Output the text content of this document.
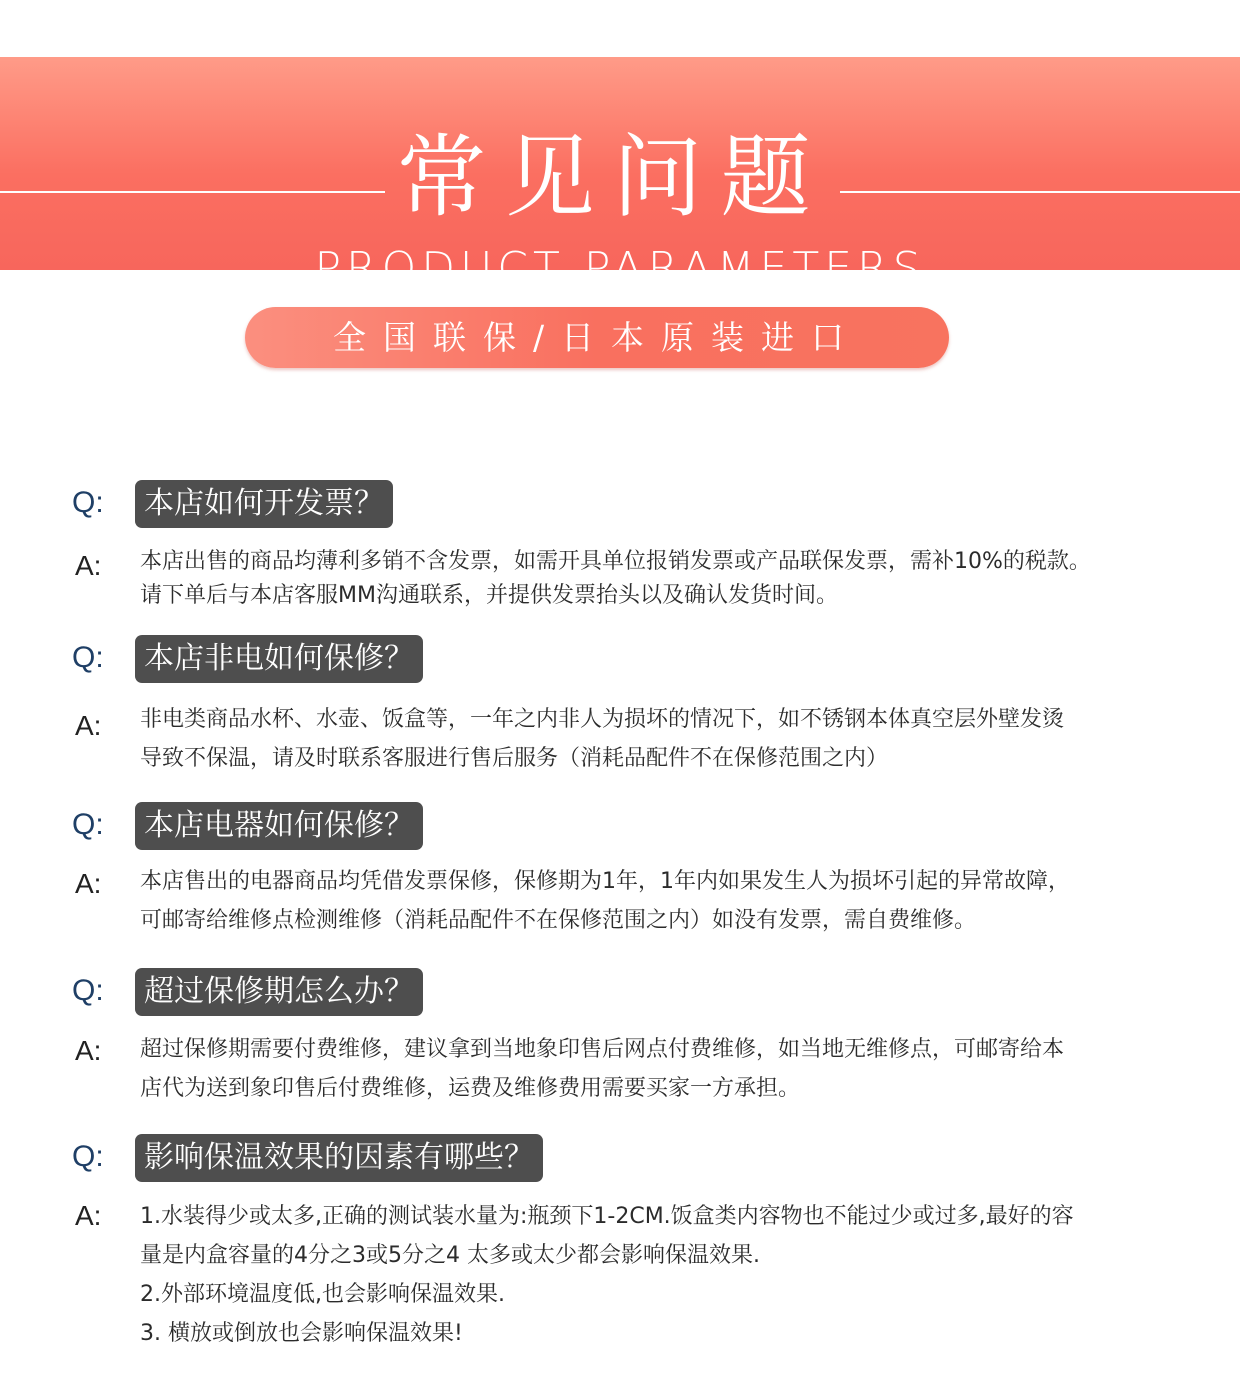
常见问题
PRODUCT PARAMETERS
全国联保/日本原装进口
Q:	本店如何开发票？
A: 本店出售的商品均薄利多销不含发票，如需开具单位报销发票或产品联保发票，需补10%的税款。
请下单后与本店客服MM沟通联系，并提供发票抬头以及确认发货时间。
Q:	本店非电如何保修？
A: 非电类商品水杯、水壶、饭盒等，一年之内非人为损坏的情况下，如不锈钢本体真空层外壁发烫
导致不保温，请及时联系客服进行售后服务（消耗品配件不在保修范围之内）
Q:	本店电器如何保修？
A: 本店售出的电器商品均凭借发票保修，保修期为1年，1年内如果发生人为损坏引起的异常故障，
可邮寄给维修点检测维修（消耗品配件不在保修范围之内）如没有发票，需自费维修。
Q:	超过保修期怎么办？
A: 超过保修期需要付费维修，建议拿到当地象印售后网点付费维修，如当地无维修点，可邮寄给本
店代为送到象印售后付费维修，运费及维修费用需要买家一方承担。
Q:	影响保温效果的因素有哪些？
A: 1.水装得少或太多,正确的测试装水量为:瓶颈下1-2CM.饭盒类内容物也不能过少或过多,最好的容
量是内盒容量的4分之3或5分之4 太多或太少都会影响保温效果.
2.外部环境温度低,也会影响保温效果.
3. 横放或倒放也会影响保温效果!
